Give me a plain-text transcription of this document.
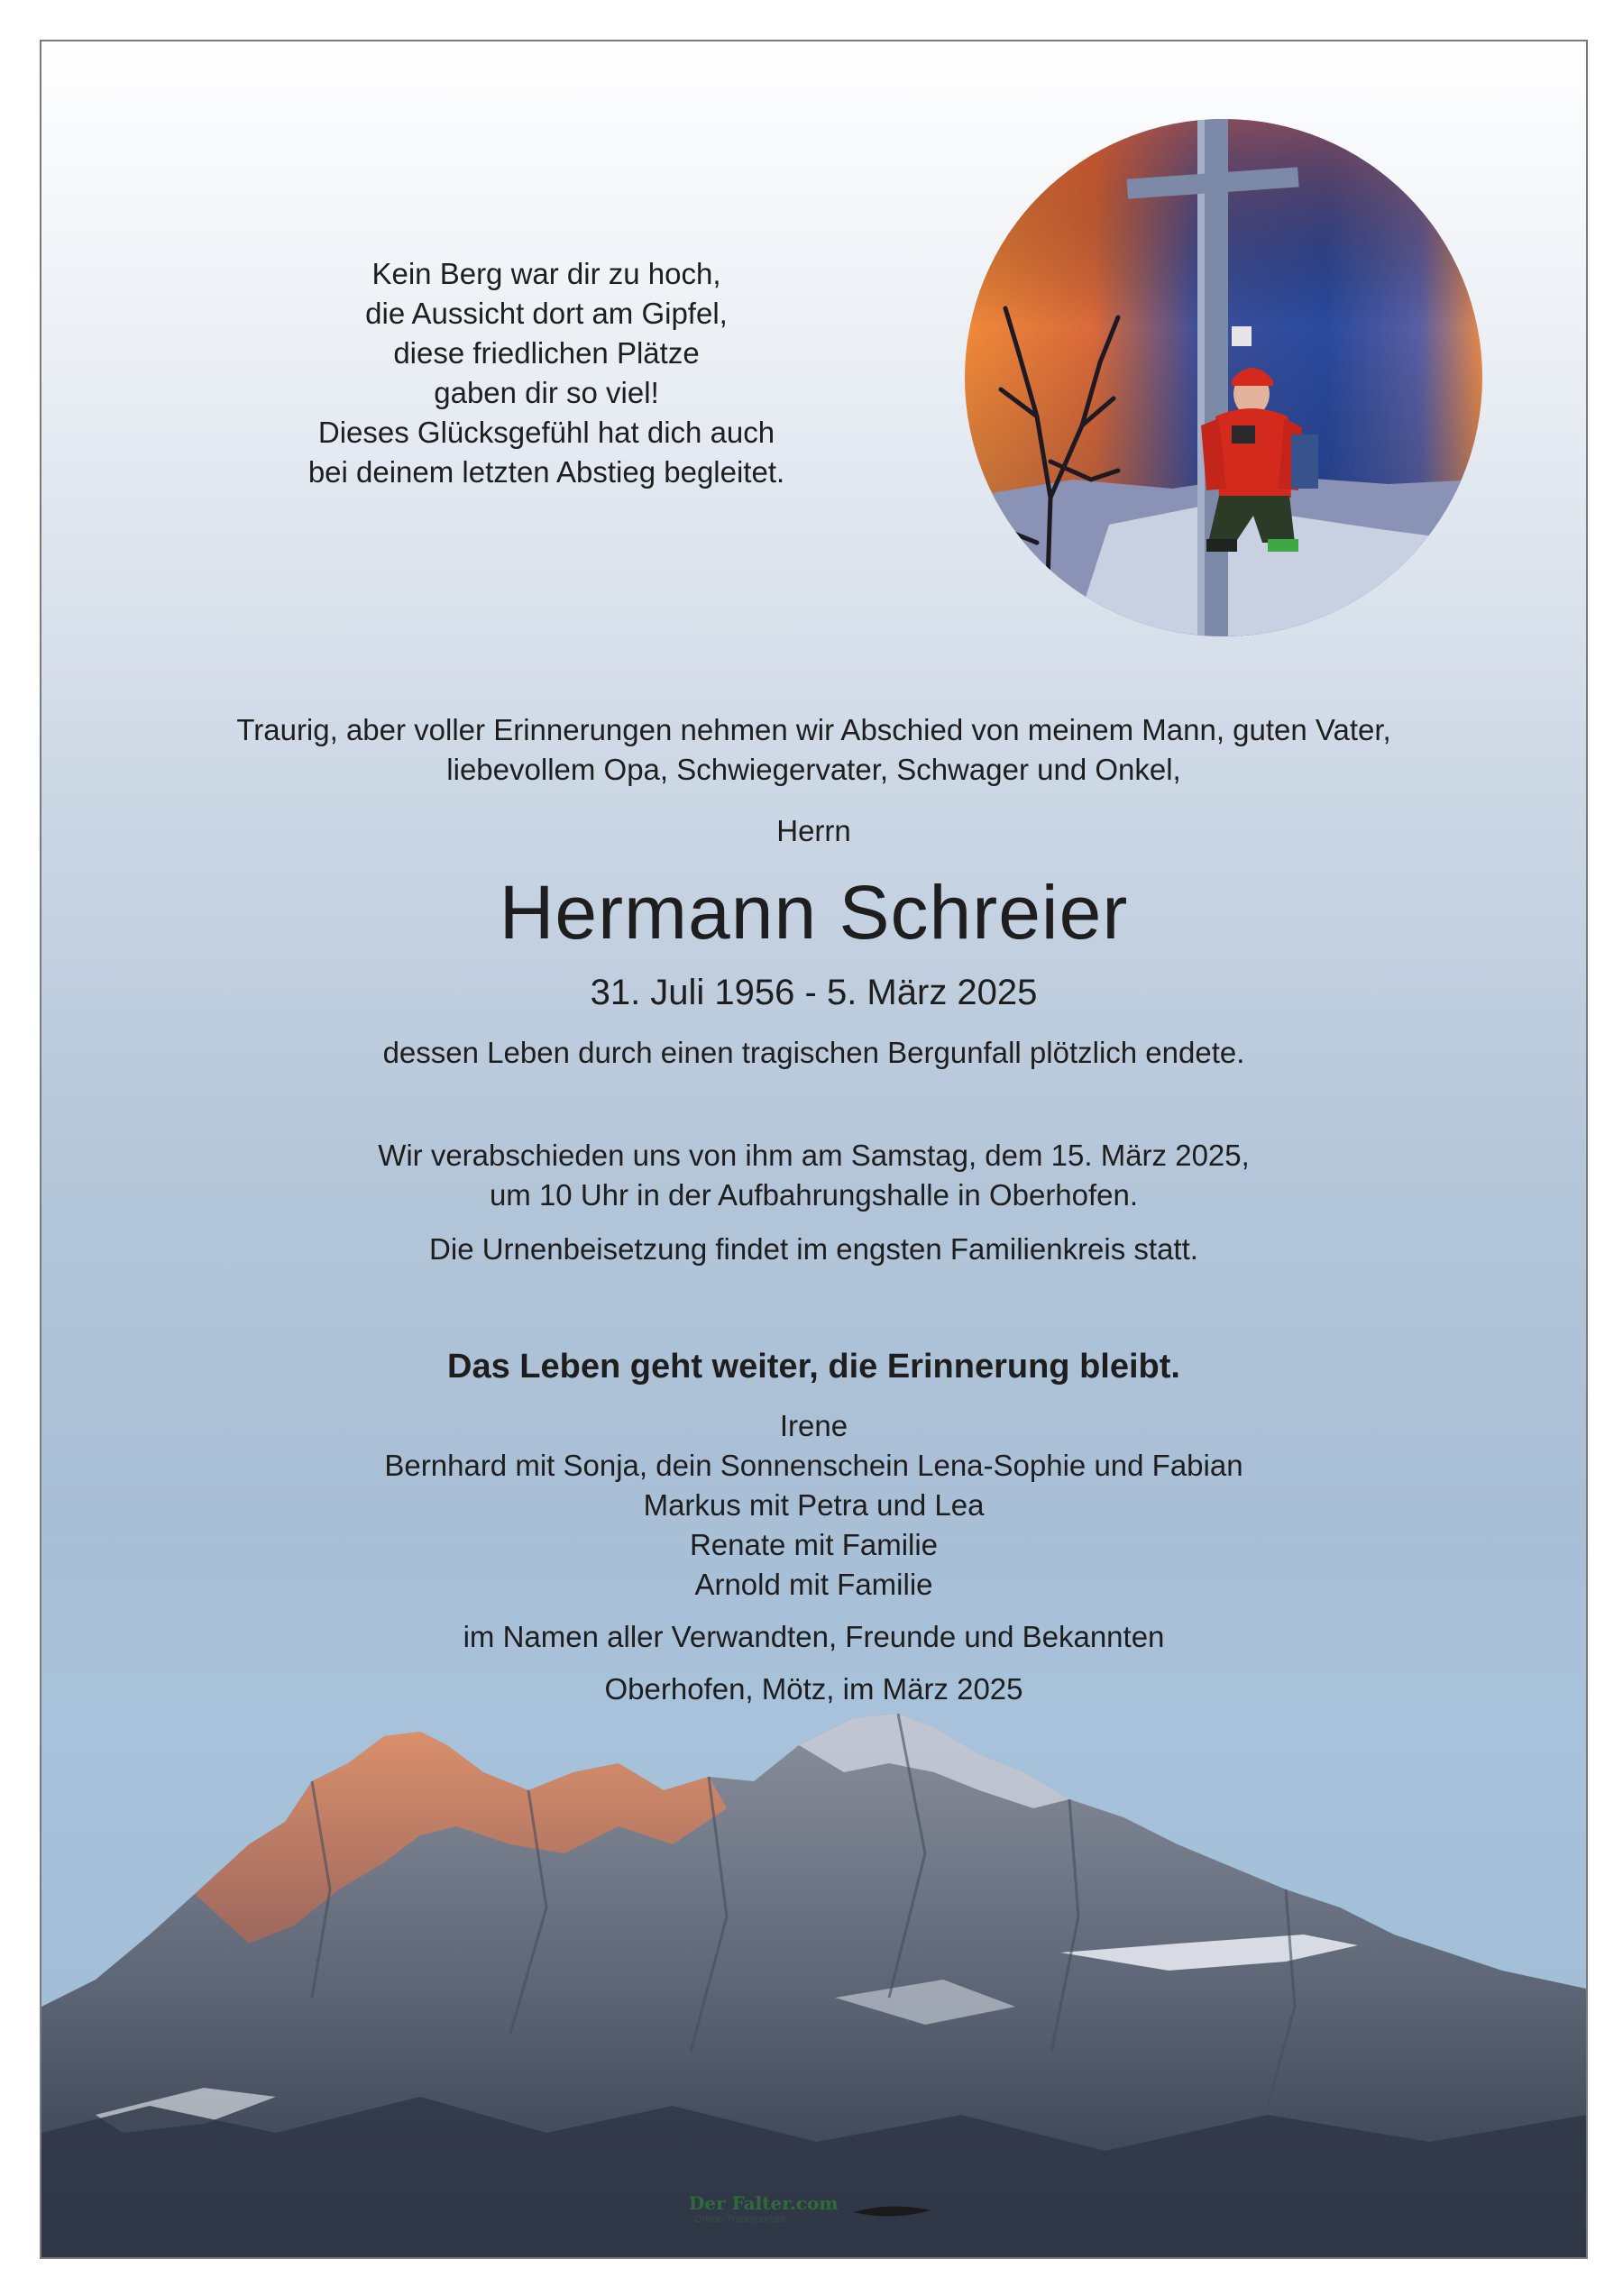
Kein Berg war dir zu hoch,
die Aussicht dort am Gipfel,
diese friedlichen Plätze
gaben dir so viel!
Dieses Glücksgefühl hat dich auch
bei deinem letzten Abstieg begleitet.
Traurig, aber voller Erinnerungen nehmen wir Abschied von meinem Mann, guten Vater,
liebevollem Opa, Schwiegervater, Schwager und Onkel,
Herrn
Hermann Schreier
31. Juli 1956 - 5. März 2025
dessen Leben durch einen tragischen Bergunfall plötzlich endete.
Wir verabschieden uns von ihm am Samstag, dem 15. März 2025,
um 10 Uhr in der Aufbahrungshalle in Oberhofen.
Die Urnenbeisetzung findet im engsten Familienkreis statt.
Das Leben geht weiter, die Erinnerung bleibt.
Irene
Bernhard mit Sonja, dein Sonnenschein Lena-Sophie und Fabian
Markus mit Petra und Lea
Renate mit Familie
Arnold mit Familie
im Namen aller Verwandten, Freunde und Bekannten
Oberhofen, Mötz, im März 2025
Der Falter.com
Online-Trauerportale
